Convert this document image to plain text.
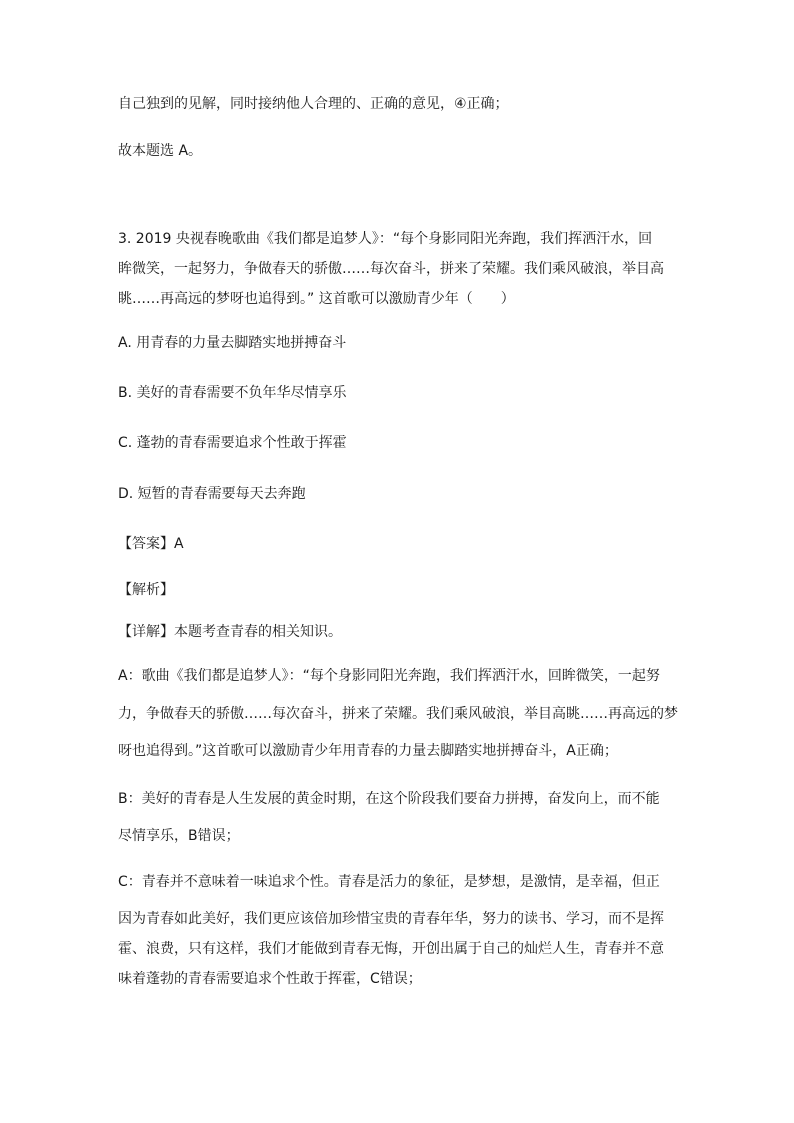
自己独到的见解，同时接纳他人合理的、正确的意见，④正确；
故本题选 A。
3. 2019 央视春晚歌曲《我们都是追梦人》：“每个身影同阳光奔跑，我们挥洒汗水，回
眸微笑，一起努力，争做春天的骄傲……每次奋斗，拼来了荣耀。我们乘风破浪，举目高
眺……再高远的梦呀也追得到。” 这首歌可以激励青少年（　　）
A. 用青春的力量去脚踏实地拼搏奋斗
B. 美好的青春需要不负年华尽情享乐
C. 蓬勃的青春需要追求个性敢于挥霍
D. 短暂的青春需要每天去奔跑
【答案】A
【解析】
【详解】本题考查青春的相关知识。
A：歌曲《我们都是追梦人》：“每个身影同阳光奔跑，我们挥洒汗水，回眸微笑，一起努
力，争做春天的骄傲……每次奋斗，拼来了荣耀。我们乘风破浪，举目高眺……再高远的梦
呀也追得到。”这首歌可以激励青少年用青春的力量去脚踏实地拼搏奋斗，A正确；
B：美好的青春是人生发展的黄金时期，在这个阶段我们要奋力拼搏，奋发向上，而不能
尽情享乐，B错误；
C：青春并不意味着一味追求个性。青春是活力的象征，是梦想，是激情，是幸福，但正
因为青春如此美好，我们更应该倍加珍惜宝贵的青春年华，努力的读书、学习，而不是挥
霍、浪费，只有这样，我们才能做到青春无悔，开创出属于自己的灿烂人生，青春并不意
味着蓬勃的青春需要追求个性敢于挥霍，C错误；
